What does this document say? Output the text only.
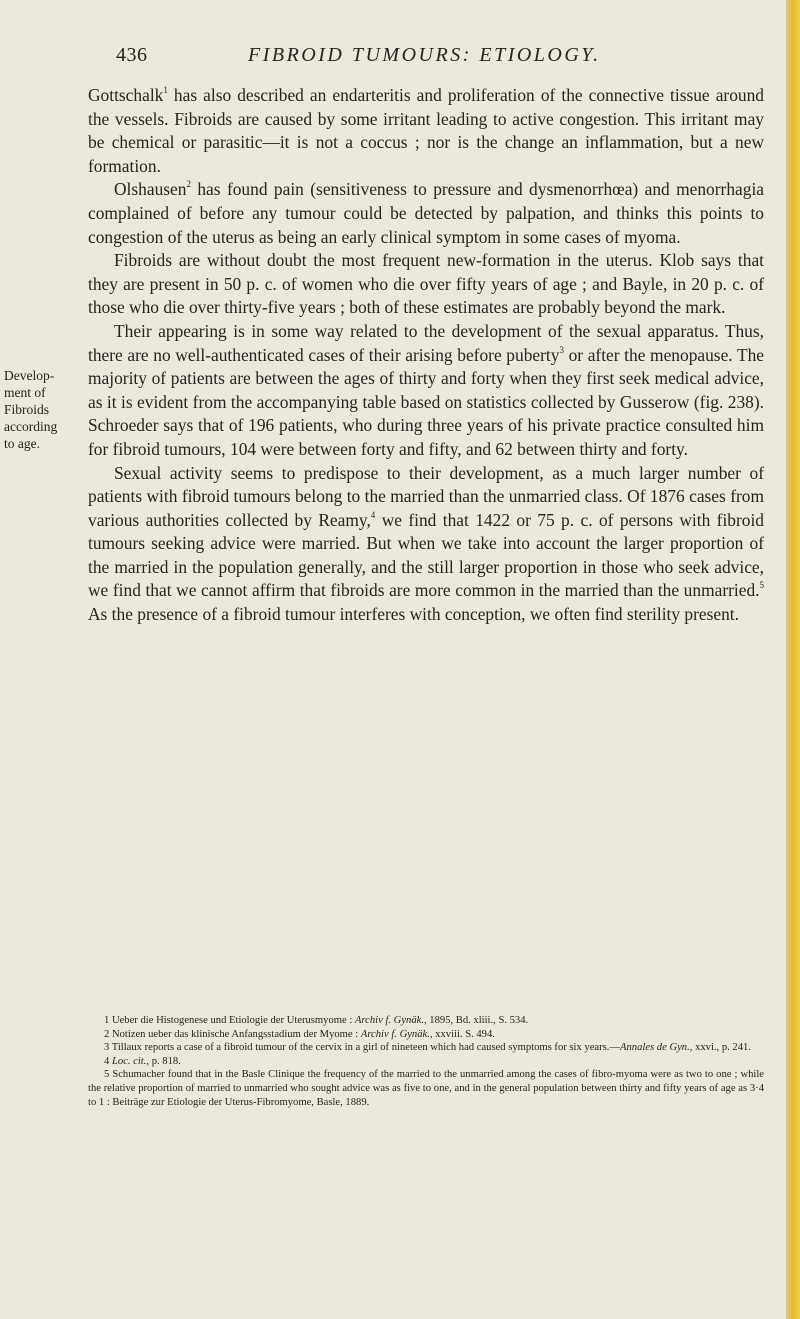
436	FIBROID TUMOURS: ETIOLOGY.
Develop-
ment of
Fibroids
according
to age.

Gottschalk$^1$ has also described an endarteritis and proliferation of the connective tissue around the vessels. Fibroids are caused by some irritant leading to active congestion. This irritant may be chemical or parasitic—it is not a coccus ; nor is the change an inflammation, but a new formation.

Olshausen$^2$ has found pain (sensitiveness to pressure and dysmenorrhœa) and menorrhagia complained of before any tumour could be detected by palpation, and thinks this points to congestion of the uterus as being an early clinical symptom in some cases of myoma.

Fibroids are without doubt the most frequent new-formation in the uterus. Klob says that they are present in 50 p. c. of women who die over fifty years of age ; and Bayle, in 20 p. c. of those who die over thirty-five years ; both of these estimates are probably beyond the mark.

Their appearing is in some way related to the development of the sexual apparatus. Thus, there are no well-authenticated cases of their arising before puberty$^3$ or after the menopause. The majority of patients are between the ages of thirty and forty when they first seek medical advice, as it is evident from the accompanying table based on statistics collected by Gusserow (fig. 238). Schroeder says that of 196 patients, who during three years of his private practice consulted him for fibroid tumours, 104 were between forty and fifty, and 62 between thirty and forty.

Sexual activity seems to predispose to their development, as a much larger number of patients with fibroid tumours belong to the married than the unmarried class. Of 1876 cases from various authorities collected by Reamy,$^4$ we find that 1422 or 75 p. c. of persons with fibroid tumours seeking advice were married. But when we take into account the larger proportion of the married in the population generally, and the still larger proportion in those who seek advice, we find that we cannot affirm that fibroids are more common in the married than the unmarried.$^5$ As the presence of a fibroid tumour interferes with conception, we often find sterility present.

1 Ueber die Histogenese und Etiologie der Uterusmyome : Archiv f. Gynäk., 1895, Bd. xliii., S. 534.

2 Notizen ueber das klinische Anfangsstadium der Myome : Archiv f. Gynäk., xxviii. S. 494.

3 Tillaux reports a case of a fibroid tumour of the cervix in a girl of nineteen which had caused symptoms for six years.—Annales de Gyn., xxvi., p. 241.

4 Loc. cit., p. 818.

5 Schumacher found that in the Basle Clinique the frequency of the married to the unmarried among the cases of fibro-myoma were as two to one ; while the relative proportion of married to unmarried who sought advice was as five to one, and in the general population between thirty and fifty years of age as 3·4 to 1 : Beiträge zur Etiologie der Uterus-Fibromyome, Basle, 1889.
